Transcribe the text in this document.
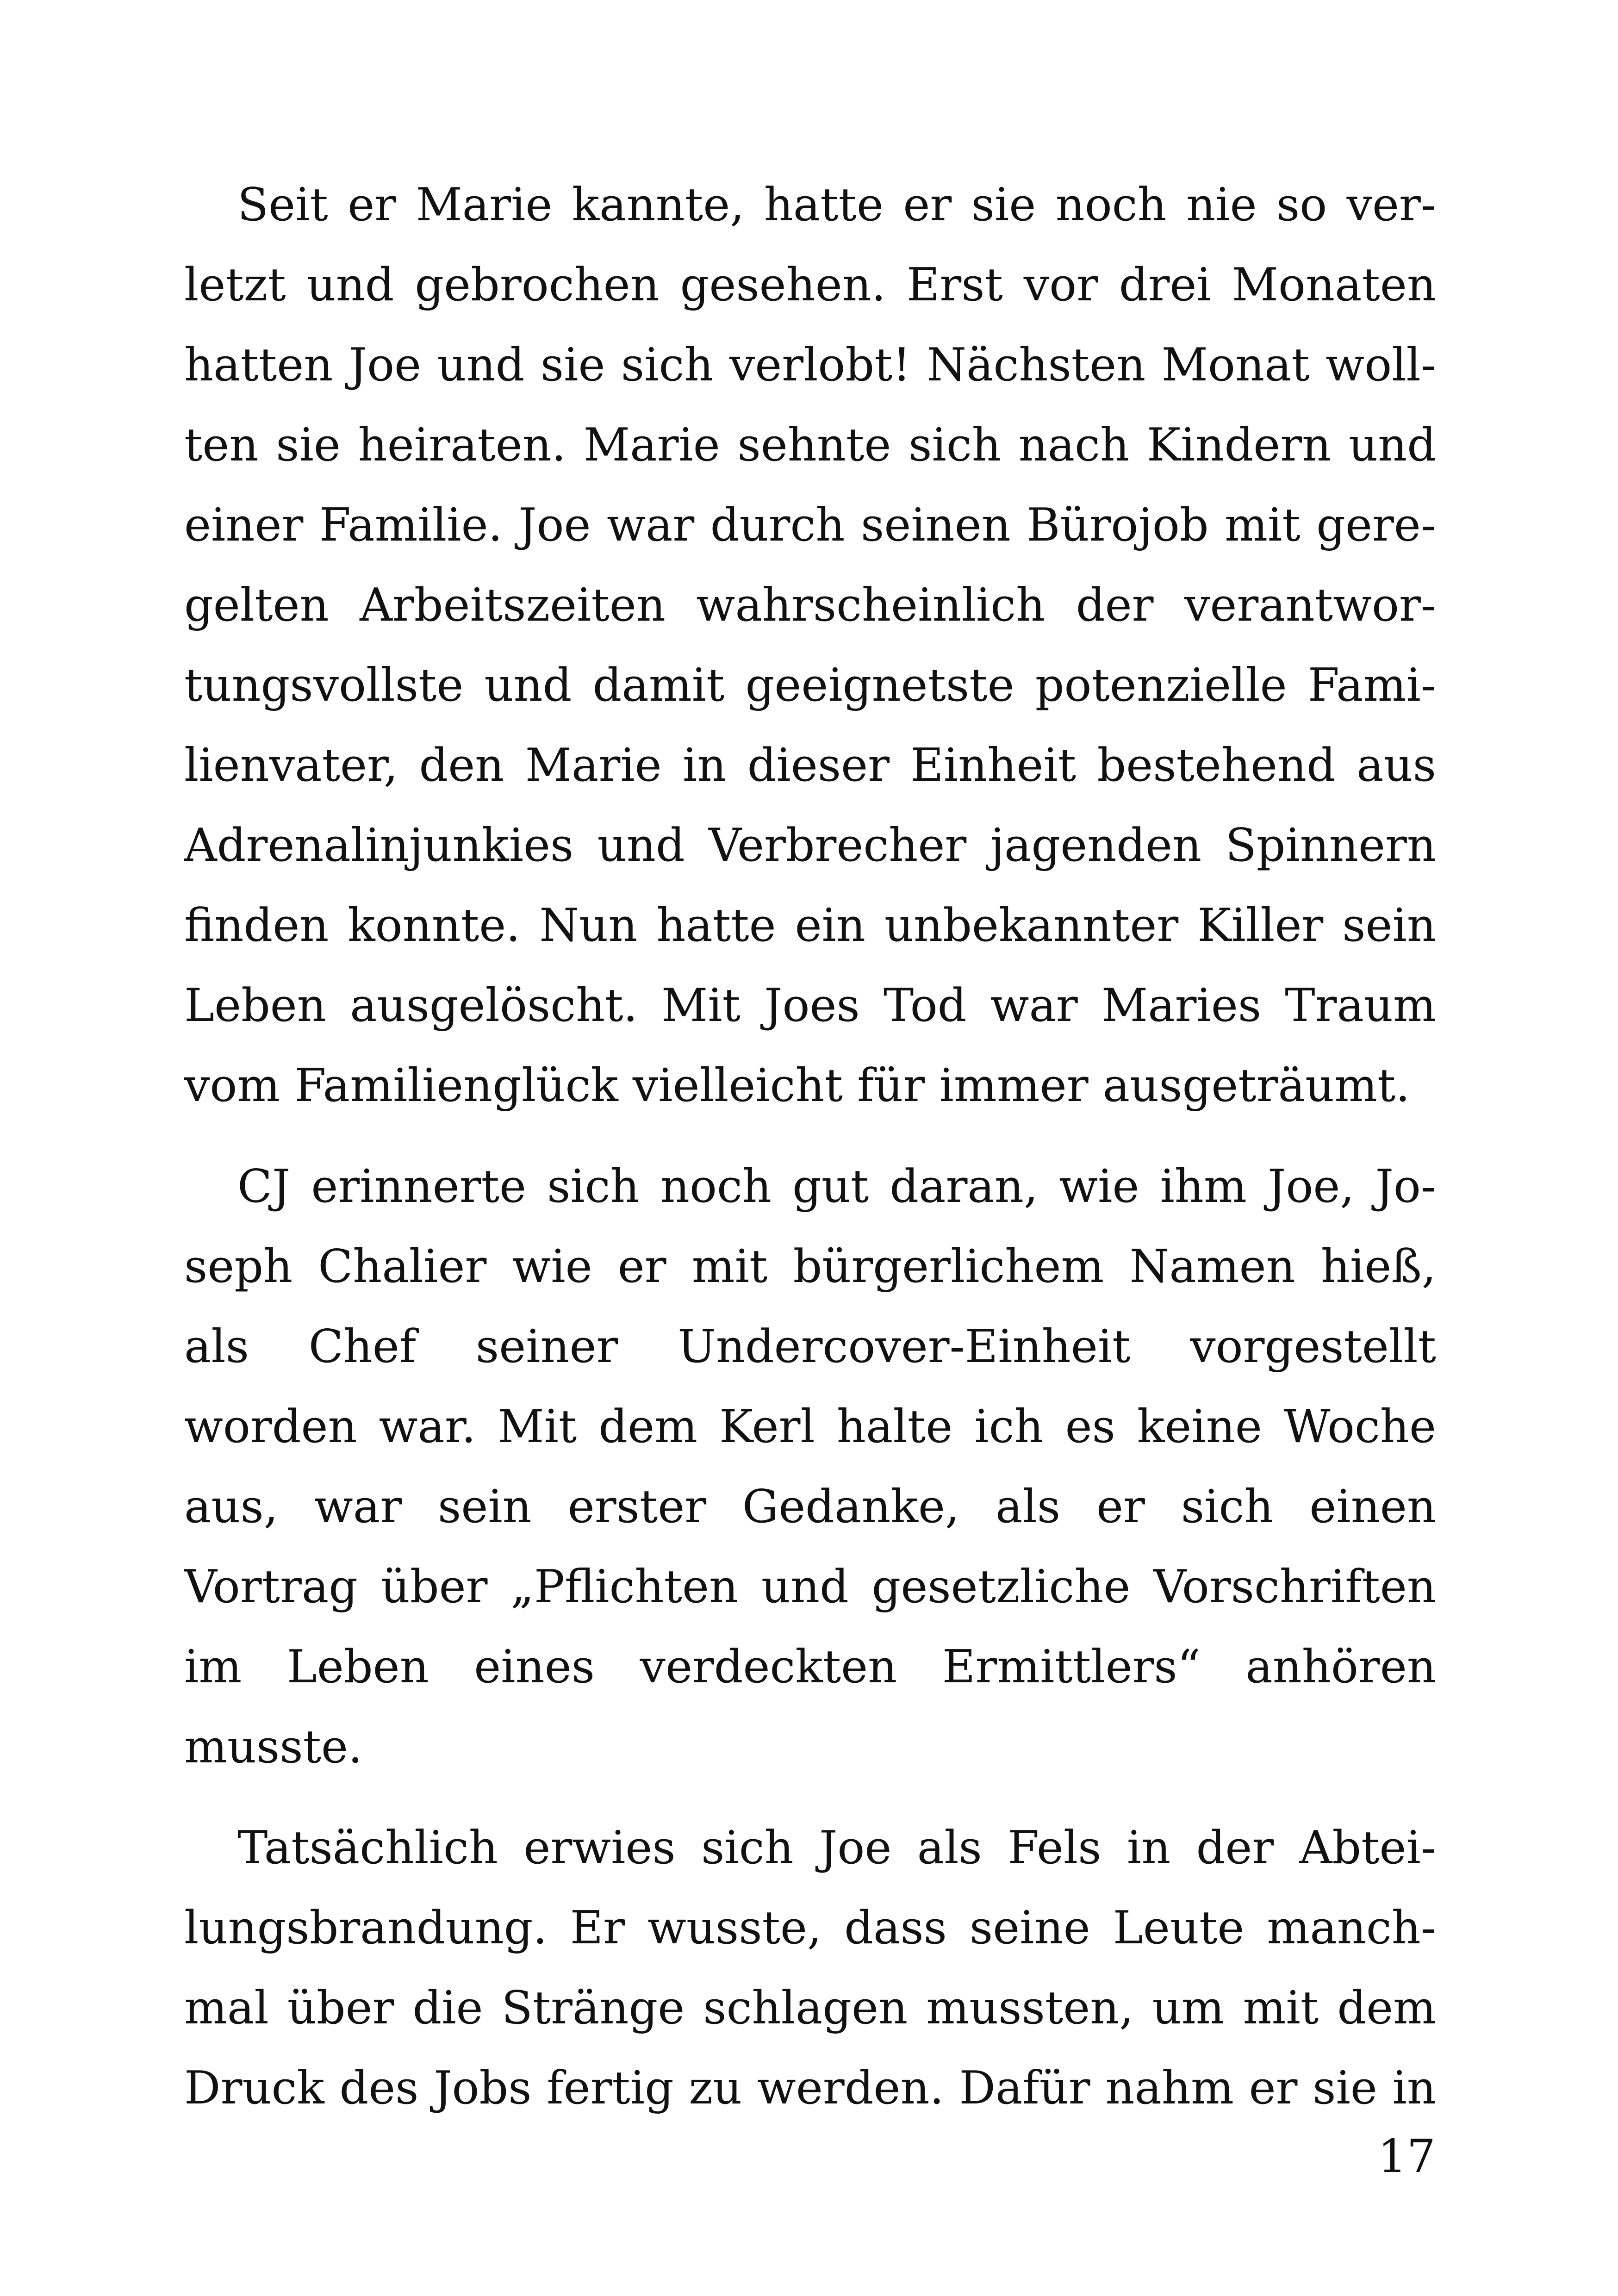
Seit er Marie kannte, hatte er sie noch nie so verletzt und gebrochen gesehen. Erst vor drei Monaten hatten Joe und sie sich verlobt! Nächsten Monat wollten sie heiraten. Marie sehnte sich nach Kindern und einer Familie. Joe war durch seinen Bürojob mit geregelten Arbeitszeiten wahrscheinlich der verantwortungsvollste und damit geeignetste potenzielle Familienvater, den Marie in dieser Einheit bestehend aus Adrenalinjunkies und Verbrecher jagenden Spinnern finden konnte. Nun hatte ein unbekannter Killer sein Leben ausgelöscht. Mit Joes Tod war Maries Traum vom Familienglück vielleicht für immer ausgeträumt.

CJ erinnerte sich noch gut daran, wie ihm Joe, Joseph Chalier wie er mit bürgerlichem Namen hieß, als Chef seiner Undercover-Einheit vorgestellt worden war. Mit dem Kerl halte ich es keine Woche aus, war sein erster Gedanke, als er sich einen Vortrag über „Pflichten und gesetzliche Vorschriften im Leben eines verdeckten Ermittlers“ anhören musste.

Tatsächlich erwies sich Joe als Fels in der Abteilungsbrandung. Er wusste, dass seine Leute manchmal über die Stränge schlagen mussten, um mit dem Druck des Jobs fertig zu werden. Dafür nahm er sie in

17
